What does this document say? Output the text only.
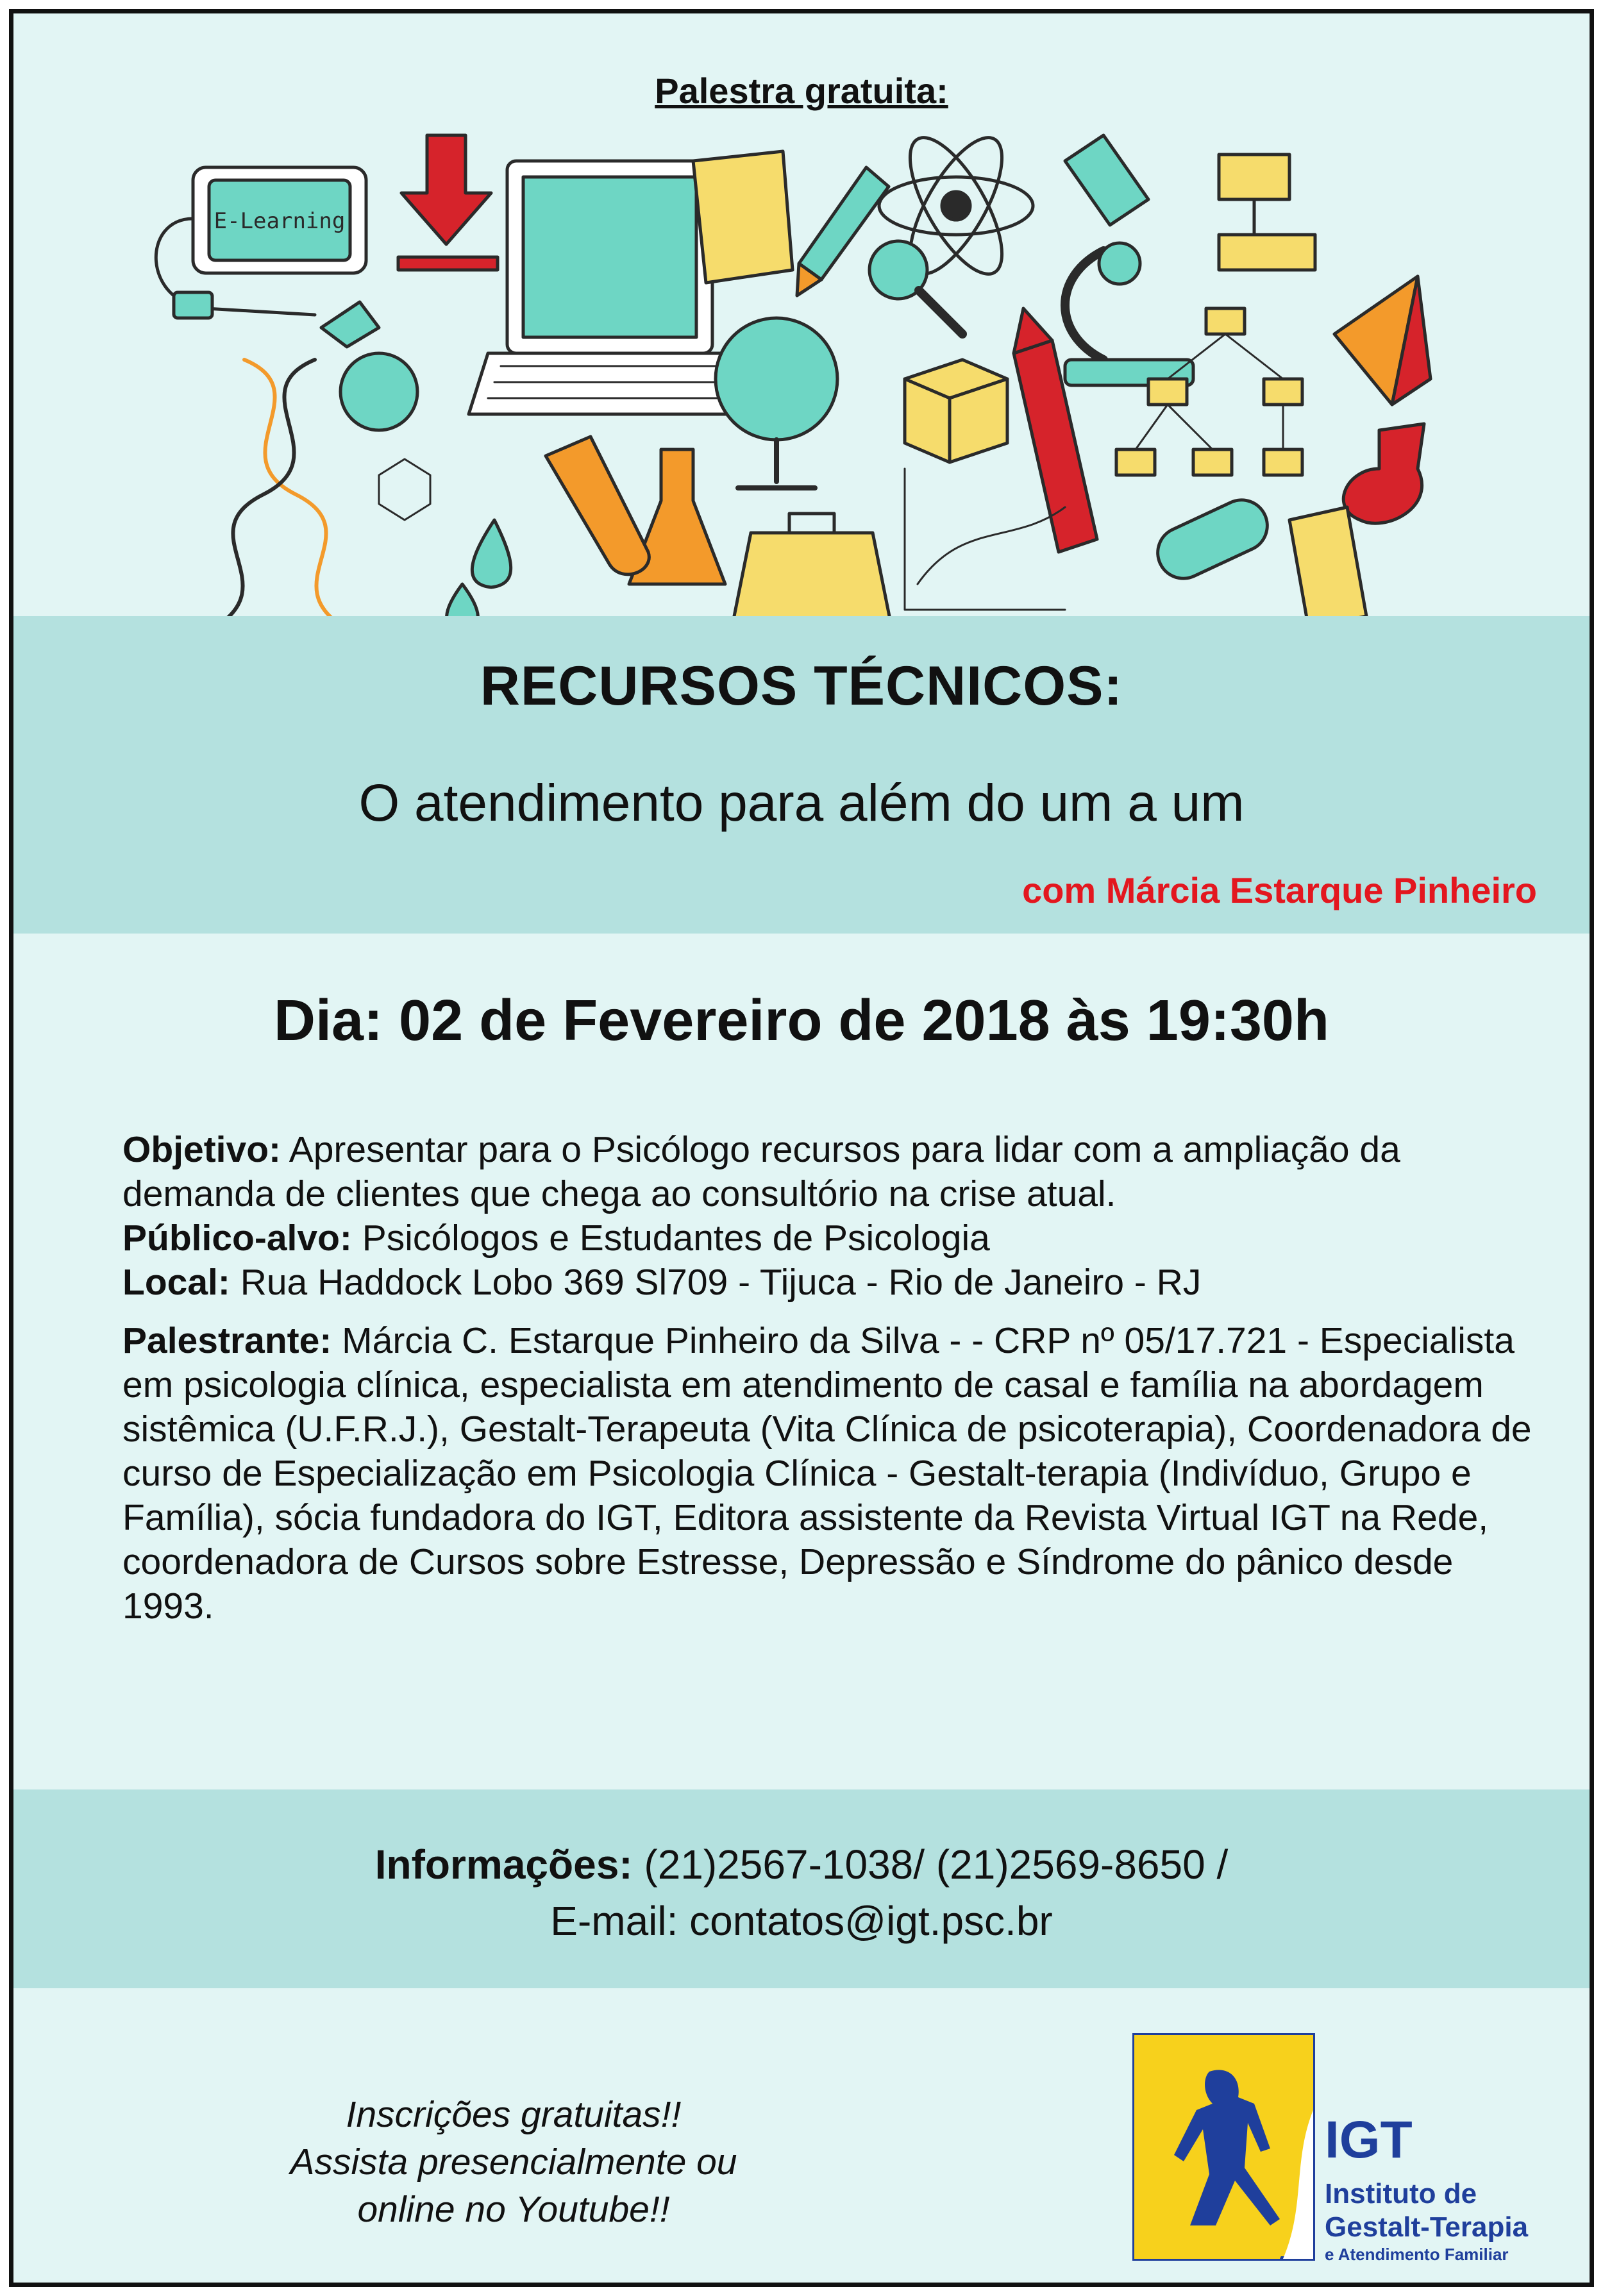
Palestra gratuita:
E-Learning
RECURSOS TÉCNICOS:
O atendimento para além do um a um
com Márcia Estarque Pinheiro
Dia: 02 de Fevereiro de 2018 às 19:30h

Objetivo: Apresentar para o Psicólogo recursos para lidar com a ampliação da demanda de clientes que chega ao consultório na crise atual.

Público-alvo: Psicólogos e Estudantes de Psicologia

Local: Rua Haddock Lobo 369 Sl709 - Tijuca - Rio de Janeiro - RJ

Palestrante: Márcia C. Estarque Pinheiro da Silva - - CRP nº 05/17.721 - Especialista em psicologia clínica, especialista em atendimento de casal e família na abordagem sistêmica (U.F.R.J.), Gestalt-Terapeuta (Vita Clínica de psicoterapia), Coordenadora de curso de Especialização em Psicologia Clínica - Gestalt-terapia (Indivíduo, Grupo e Família), sócia fundadora do IGT, Editora assistente da Revista Virtual IGT na Rede, coordenadora de Cursos sobre Estresse, Depressão e Síndrome do pânico desde 1993.

Informações: (21)2567-1038/ (21)2569-8650 /
E-mail: contatos@igt.psc.br
Inscrições gratuitas!!
Assista presencialmente ou
online no Youtube!!
IGT
Instituto de
Gestalt-Terapia
e Atendimento Familiar
